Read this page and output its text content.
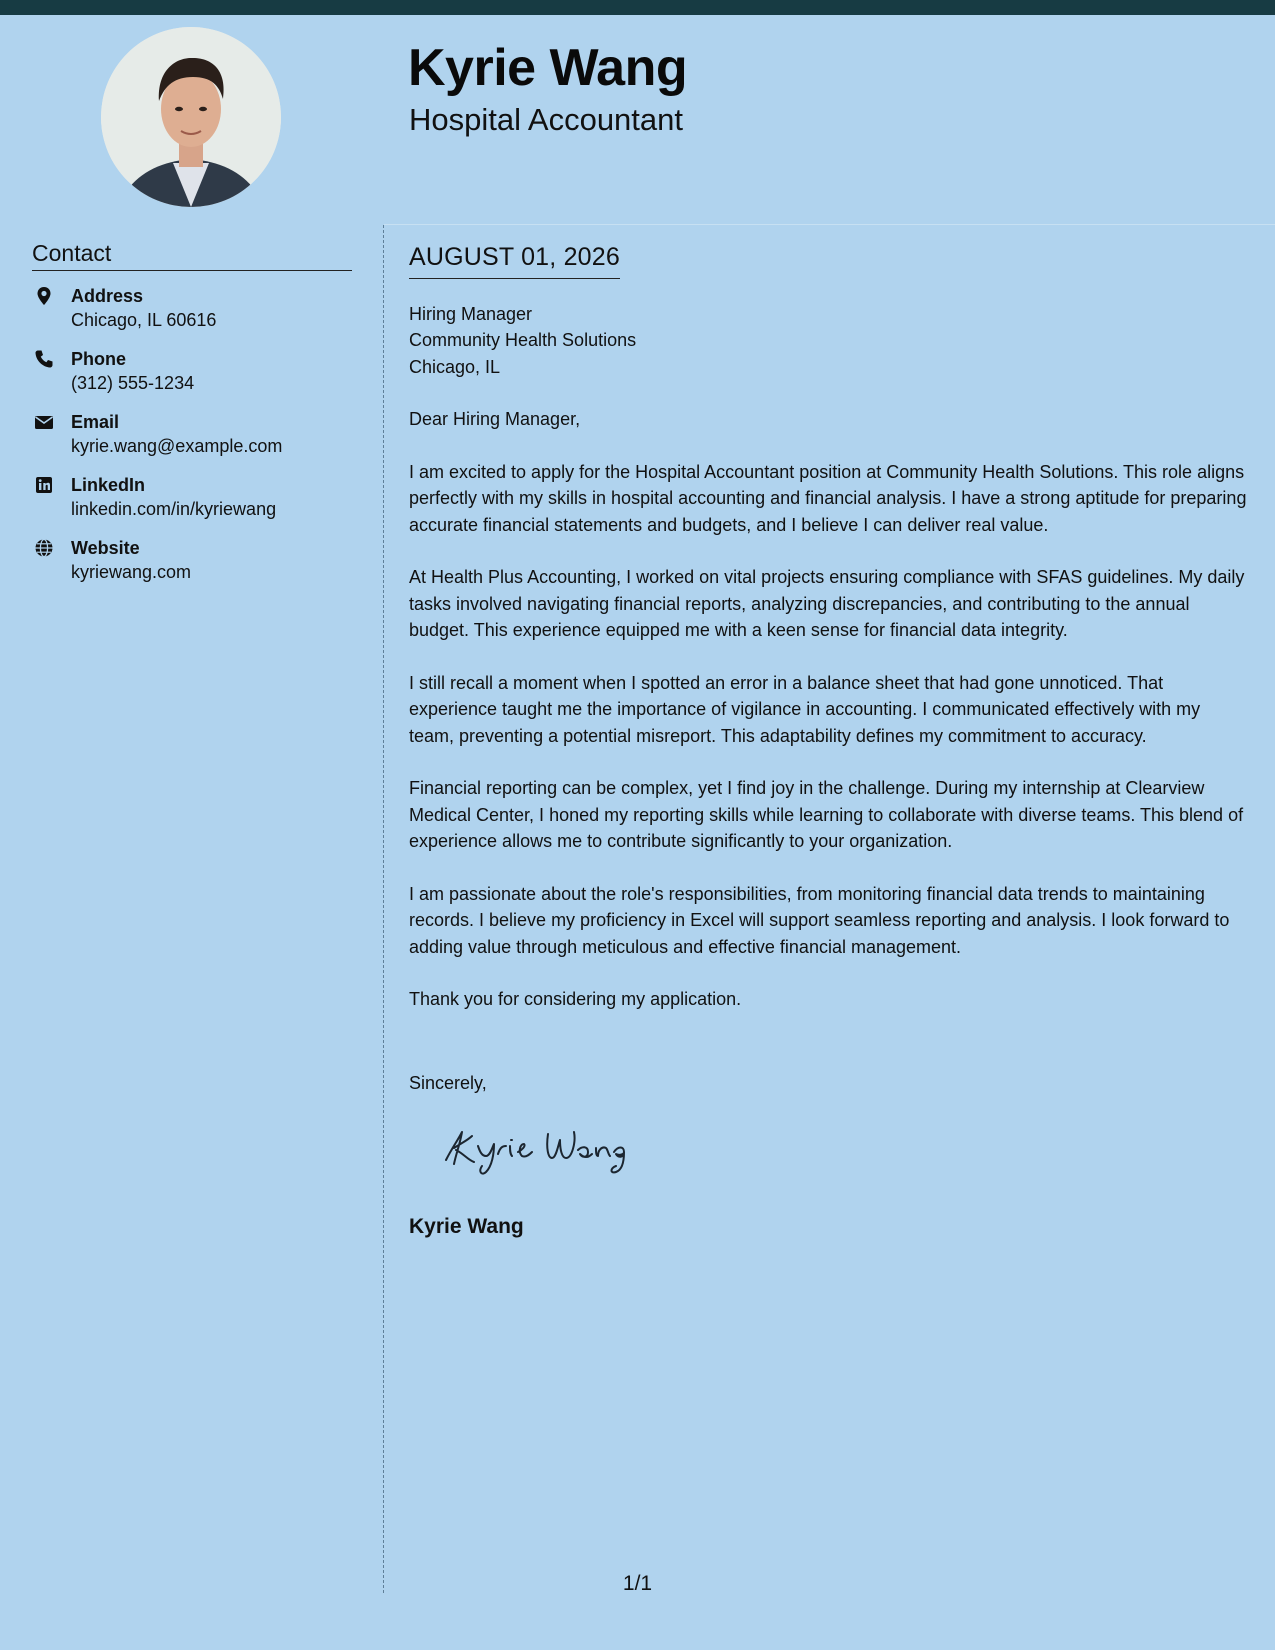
Kyrie Wang
Hospital Accountant
Contact
Address
Chicago, IL 60616
Phone
(312) 555-1234
Email
kyrie.wang@example.com
LinkedIn
linkedin.com/in/kyriewang
Website
kyriewang.com
AUGUST 01, 2026
Hiring Manager
Community Health Solutions
Chicago, IL
Dear Hiring Manager,
I am excited to apply for the Hospital Accountant position at Community Health Solutions. This role aligns perfectly with my skills in hospital accounting and financial analysis. I have a strong aptitude for preparing accurate financial statements and budgets, and I believe I can deliver real value.
At Health Plus Accounting, I worked on vital projects ensuring compliance with SFAS guidelines. My daily tasks involved navigating financial reports, analyzing discrepancies, and contributing to the annual budget. This experience equipped me with a keen sense for financial data integrity.
I still recall a moment when I spotted an error in a balance sheet that had gone unnoticed. That experience taught me the importance of vigilance in accounting. I communicated effectively with my team, preventing a potential misreport. This adaptability defines my commitment to accuracy.
Financial reporting can be complex, yet I find joy in the challenge. During my internship at Clearview Medical Center, I honed my reporting skills while learning to collaborate with diverse teams. This blend of experience allows me to contribute significantly to your organization.
I am passionate about the role's responsibilities, from monitoring financial data trends to maintaining records. I believe my proficiency in Excel will support seamless reporting and analysis. I look forward to adding value through meticulous and effective financial management.
Thank you for considering my application.
Sincerely,
Kyrie Wang
1/1
